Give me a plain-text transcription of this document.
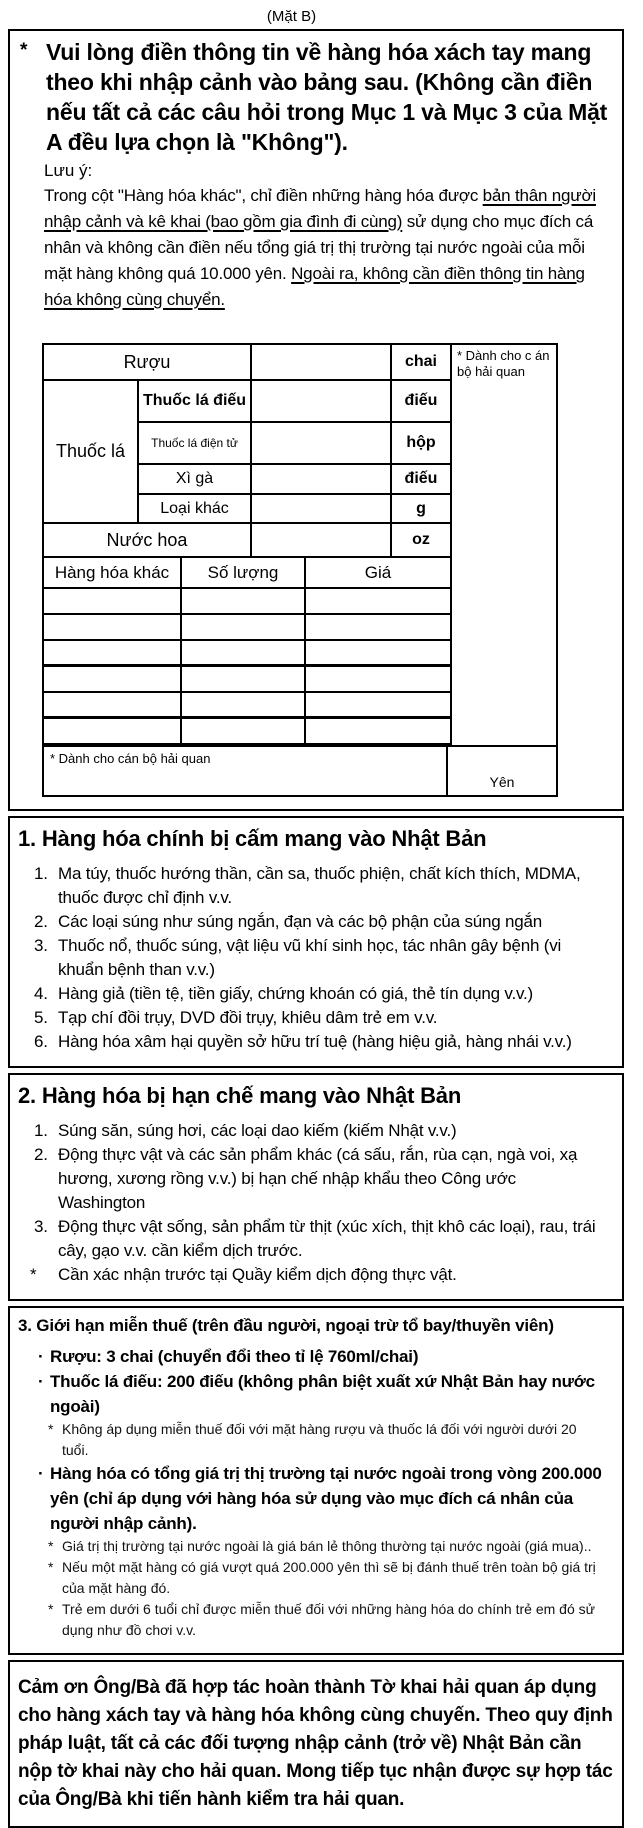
(Mặt B)
* Vui lòng điền thông tin về hàng hóa xách tay mang theo khi nhập cảnh vào bảng sau. (Không cần điền nếu tất cả các câu hỏi trong Mục 1 và Mục 3 của Mặt A đều lựa chọn là "Không").
Lưu ý:
Trong cột "Hàng hóa khác", chỉ điền những hàng hóa được bản thân người nhập cảnh và kê khai (bao gồm gia đình đi cùng) sử dụng cho mục đích cá nhân và không cần điền nếu tổng giá trị thị trường tại nước ngoài của mỗi mặt hàng không quá 10.000 yên. Ngoài ra, không cần điền thông tin hàng hóa không cùng chuyển.
Rượu	chai
Thuốc lá
Thuốc lá điếu	điếu
Thuốc lá điện tử	hộp
Xì gà	điếu
Loại khác	g
Nước hoa	oz
Hàng hóa khác	Số lượng	Giá
* Dành cho c án bộ hải quan
* Dành cho cán bộ hải quan
Yên
1. Hàng hóa chính bị cấm mang vào Nhật Bản
1. Ma túy, thuốc hướng thần, cần sa, thuốc phiện, chất kích thích, MDMA, thuốc được chỉ định v.v.
2. Các loại súng như súng ngắn, đạn và các bộ phận của súng ngắn
3. Thuốc nổ, thuốc súng, vật liệu vũ khí sinh học, tác nhân gây bệnh (vi khuẩn bệnh than v.v.)
4. Hàng giả (tiền tệ, tiền giấy, chứng khoán có giá, thẻ tín dụng v.v.)
5. Tạp chí đồi trụy, DVD đồi trụy, khiêu dâm trẻ em v.v.
6. Hàng hóa xâm hại quyền sở hữu trí tuệ (hàng hiệu giả, hàng nhái v.v.)
2. Hàng hóa bị hạn chế mang vào Nhật Bản
1. Súng săn, súng hơi, các loại dao kiếm (kiếm Nhật v.v.)
2. Động thực vật và các sản phẩm khác (cá sấu, rắn, rùa cạn, ngà voi, xạ hương, xương rồng v.v.) bị hạn chế nhập khẩu theo Công ước Washington
3. Động thực vật sống, sản phẩm từ thịt (xúc xích, thịt khô các loại), rau, trái cây, gạo v.v. cần kiểm dịch trước.
*	Cần xác nhận trước tại Quầy kiểm dịch động thực vật.
3. Giới hạn miễn thuế (trên đầu người, ngoại trừ tổ bay/thuyền viên)
· Rượu: 3 chai (chuyển đổi theo tỉ lệ 760ml/chai)
· Thuốc lá điếu: 200 điếu (không phân biệt xuất xứ Nhật Bản hay nước ngoài)
* Không áp dụng miễn thuế đối với mặt hàng rượu và thuốc lá đối với người dưới 20 tuổi.
· Hàng hóa có tổng giá trị thị trường tại nước ngoài trong vòng 200.000 yên (chỉ áp dụng với hàng hóa sử dụng vào mục đích cá nhân của người nhập cảnh).
* Giá trị thị trường tại nước ngoài là giá bán lẻ thông thường tại nước ngoài (giá mua)..
* Nếu một mặt hàng có giá vượt quá 200.000 yên thì sẽ bị đánh thuế trên toàn bộ giá trị của mặt hàng đó.
* Trẻ em dưới 6 tuổi chỉ được miễn thuế đối với những hàng hóa do chính trẻ em đó sử dụng như đồ chơi v.v.
Cảm ơn Ông/Bà đã hợp tác hoàn thành Tờ khai hải quan áp dụng cho hàng xách tay và hàng hóa không cùng chuyến. Theo quy định pháp luật, tất cả các đối tượng nhập cảnh (trở về) Nhật Bản cần nộp tờ khai này cho hải quan. Mong tiếp tục nhận được sự hợp tác của Ông/Bà khi tiến hành kiểm tra hải quan.
